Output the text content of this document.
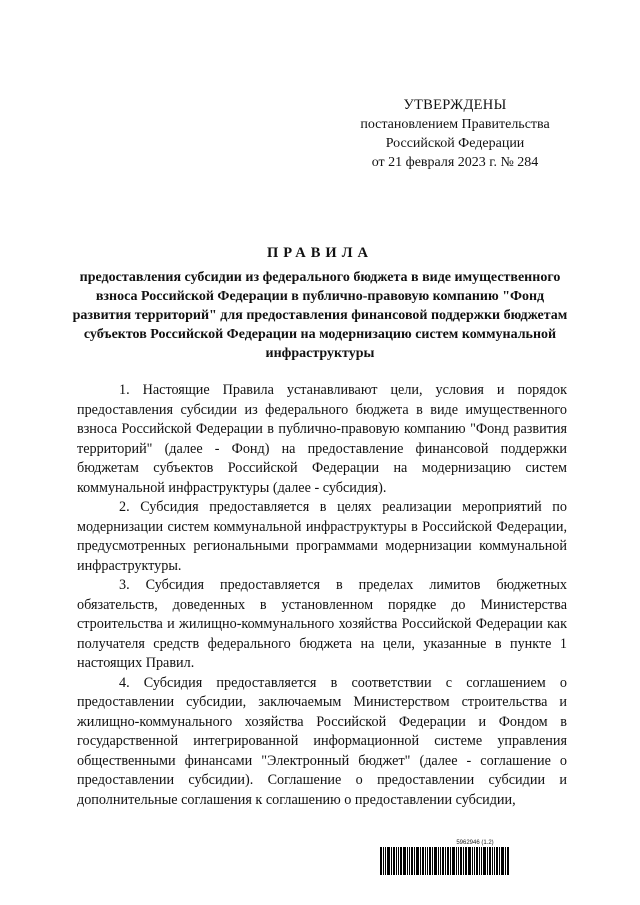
УТВЕРЖДЕНЫ
постановлением Правительства
Российской Федерации
от 21 февраля 2023 г. № 284
ПРАВИЛА
предоставления субсидии из федерального бюджета в виде имущественного взноса Российской Федерации в публично-правовую компанию "Фонд развития территорий" для предоставления финансовой поддержки бюджетам субъектов Российской Федерации на модернизацию систем коммунальной инфраструктуры

1. Настоящие Правила устанавливают цели, условия и порядок предоставления субсидии из федерального бюджета в виде имущественного взноса Российской Федерации в публично-правовую компанию "Фонд развития территорий" (далее - Фонд) на предоставление финансовой поддержки бюджетам субъектов Российской Федерации на модернизацию систем коммунальной инфраструктуры (далее - субсидия).

2. Субсидия предоставляется в целях реализации мероприятий по модернизации систем коммунальной инфраструктуры в Российской Федерации, предусмотренных региональными программами модернизации коммунальной инфраструктуры.

3. Субсидия предоставляется в пределах лимитов бюджетных обязательств, доведенных в установленном порядке до Министерства строительства и жилищно-коммунального хозяйства Российской Федерации как получателя средств федерального бюджета на цели, указанные в пункте 1 настоящих Правил.

4. Субсидия предоставляется в соответствии с соглашением о предоставлении субсидии, заключаемым Министерством строительства и жилищно-коммунального хозяйства Российской Федерации и Фондом в государственной интегрированной информационной системе управления общественными финансами "Электронный бюджет" (далее - соглашение о предоставлении субсидии). Соглашение о предоставлении субсидии и дополнительные соглашения к соглашению о предоставлении субсидии,

5962946 (1.2)
